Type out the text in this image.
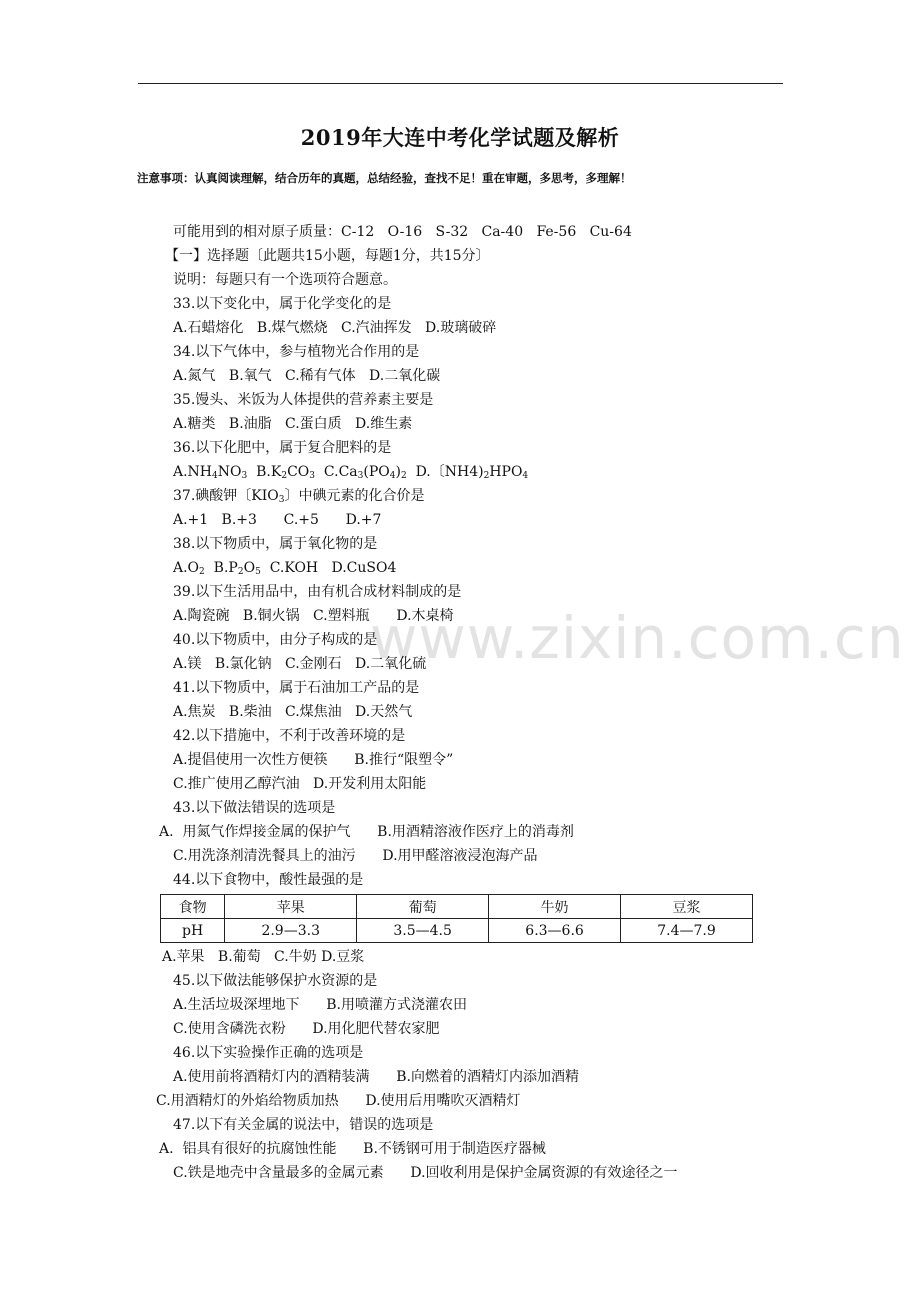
2019年大连中考化学试题及解析
注意事项：认真阅读理解，结合历年的真题，总结经验，查找不足！重在审题，多思考，多理解！
www.zixin.com.cn
可能用到的相对原子质量：C-12   O-16   S-32   Ca-40   Fe-56   Cu-64
【一】选择题〔此题共15小题，每题1分，共15分〕
说明：每题只有一个选项符合题意。
33.以下变化中，属于化学变化的是
A.石蜡熔化   B.煤气燃烧   C.汽油挥发   D.玻璃破碎
34.以下气体中，参与植物光合作用的是
A.氮气   B.氧气   C.稀有气体   D.二氧化碳
35.馒头、米饭为人体提供的营养素主要是
A.糖类   B.油脂   C.蛋白质   D.维生素
36.以下化肥中，属于复合肥料的是
$A.NH_4NO_3$  $B.K_2CO_3$  $C.Ca_3(PO_4)_2$  D.〔$NH4)_2HPO_4$
37.碘酸钾〔$KIO_3$〕中碘元素的化合价是
A.+1   B.+3      C.+5      D.+7
38.以下物质中，属于氧化物的是
$A.O_2$  $B.P_2O_5$  C.KOH   D.CuSO4
39.以下生活用品中，由有机合成材料制成的是
A.陶瓷碗   B.铜火锅   C.塑料瓶      D.木桌椅
40.以下物质中，由分子构成的是
A.镁   B.氯化钠   C.金刚石   D.二氧化硫
41.以下物质中，属于石油加工产品的是
A.焦炭   B.柴油   C.煤焦油   D.天然气
42.以下措施中，不利于改善环境的是
A.提倡使用一次性方便筷      B.推行“限塑令”
C.推广使用乙醇汽油   D.开发利用太阳能
43.以下做法错误的选项是
A.  用氮气作焊接金属的保护气      B.用酒精溶液作医疗上的消毒剂
C.用洗涤剂清洗餐具上的油污      D.用甲醛溶液浸泡海产品
44.以下食物中，酸性最强的是
食物	苹果	葡萄	牛奶	豆浆
pH	2.9—3.3	3.5—4.5	6.3—6.6	7.4—7.9
A.苹果   B.葡萄   C.牛奶 D.豆浆
45.以下做法能够保护水资源的是
A.生活垃圾深埋地下      B.用喷灌方式浇灌农田
C.使用含磷洗衣粉      D.用化肥代替农家肥
46.以下实验操作正确的选项是
A.使用前将酒精灯内的酒精装满      B.向燃着的酒精灯内添加酒精
C.用酒精灯的外焰给物质加热      D.使用后用嘴吹灭酒精灯
47.以下有关金属的说法中，错误的选项是
A.  铝具有很好的抗腐蚀性能      B.不锈钢可用于制造医疗器械
C.铁是地壳中含量最多的金属元素      D.回收利用是保护金属资源的有效途径之一
